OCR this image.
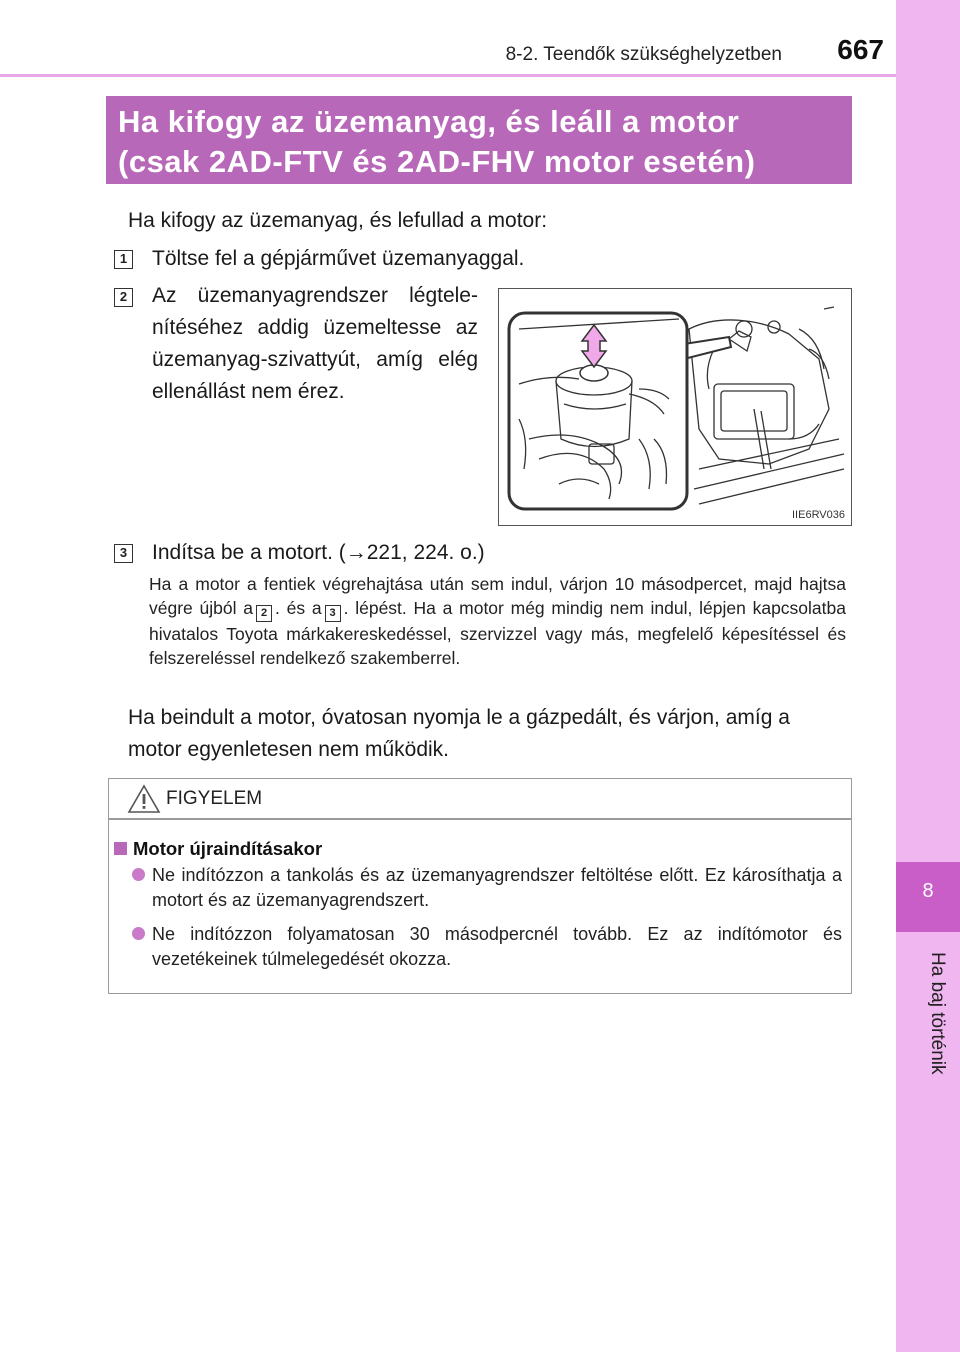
8-2. Teendők szükséghelyzetben 667
8
Ha baj történik
Ha kifogy az üzemanyag, és leáll a motor
(csak 2AD-FTV és 2AD-FHV motor esetén)
Ha kifogy az üzemanyag, és lefullad a motor:
1 Töltse fel a gépjárművet üzemanyaggal.
2 Az üzemanyagrendszer légtelenítéséhez addig üzemeltesse az üzemanyag-szivattyút, amíg elég ellenállást nem érez.
IIE6RV036
3 Indítsa be a motort. (→221, 224. o.)
Ha a motor a fentiek végrehajtása után sem indul, várjon 10 másodpercet, majd hajtsa végre újból a 2 . és a 3 . lépést. Ha a motor még mindig nem indul, lépjen kapcsolatba hivatalos Toyota márkakereskedéssel, szervizzel vagy más, megfelelő képesítéssel és felszereléssel rendelkező szakemberrel.
Ha beindult a motor, óvatosan nyomja le a gázpedált, és várjon, amíg a motor egyenletesen nem működik.
FIGYELEM
Motor újraindításakor
Ne indítózzon a tankolás és az üzemanyagrendszer feltöltése előtt. Ez károsíthatja a motort és az üzemanyagrendszert.
Ne indítózzon folyamatosan 30 másodpercnél tovább. Ez az indítómotor és vezetékeinek túlmelegedését okozza.
